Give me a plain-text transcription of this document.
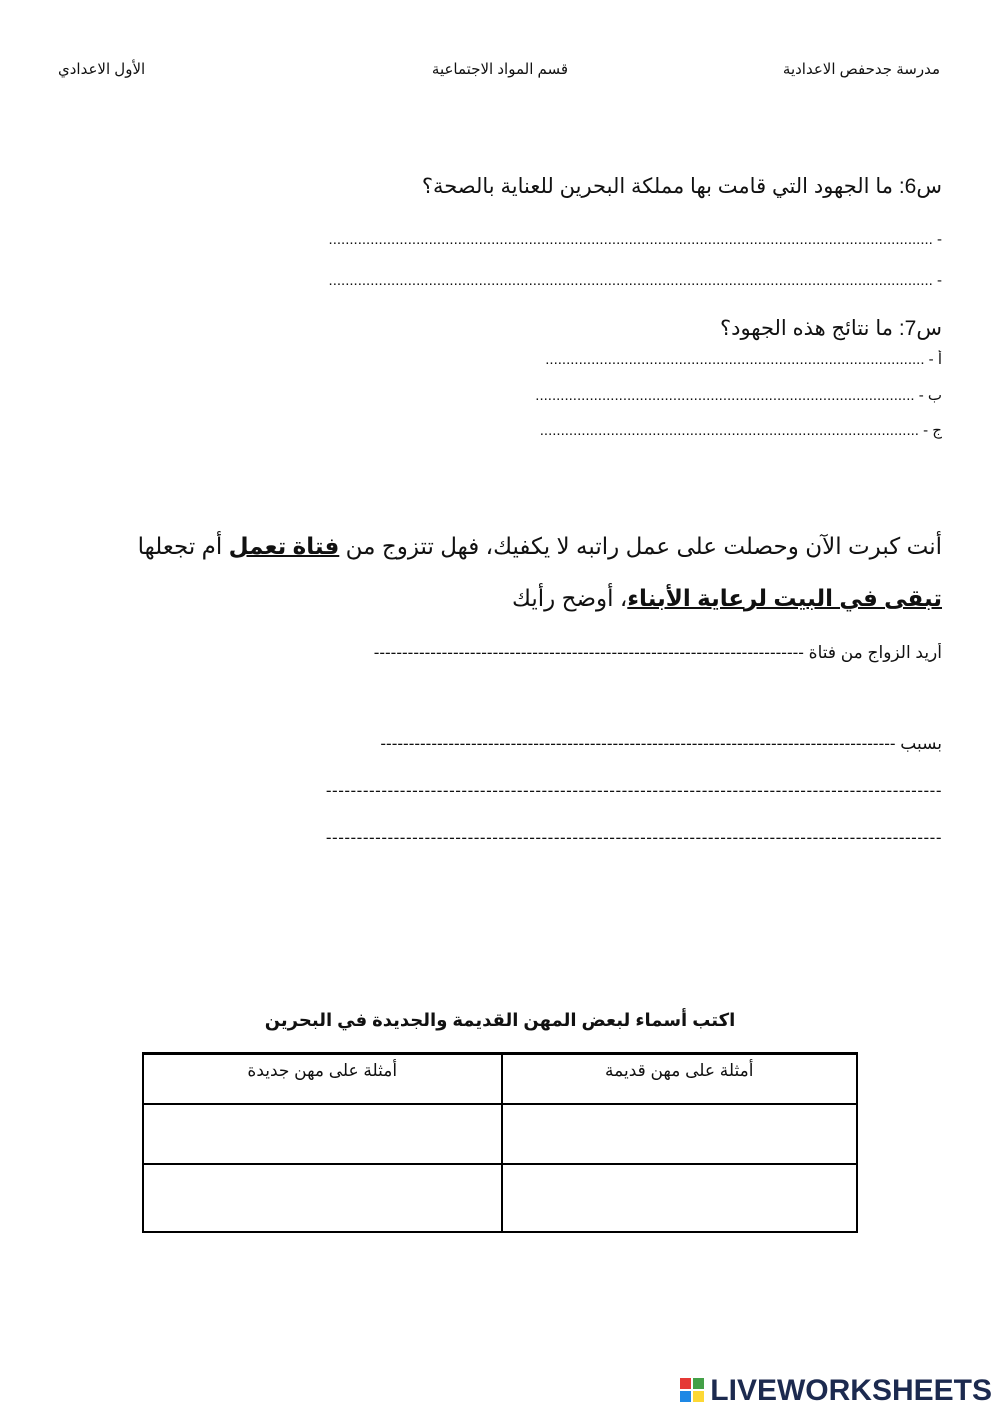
مدرسة جدحفص الاعدادية
قسم المواد الاجتماعية
الأول الاعدادي
س6: ما الجهود التي قامت بها مملكة البحرين للعناية بالصحة؟
- .................................................................................................................................................
- .................................................................................................................................................
س7: ما نتائج هذه الجهود؟
أ - ...........................................................................................
ب - ...........................................................................................
ج - ...........................................................................................
أنت كبرت الآن وحصلت على عمل راتبه لا يكفيك، فهل تتزوج من فتاة تعمل أم تجعلها
تبقى في البيت لرعاية الأبناء، أوضح رأيك
أريد الزواج من فتاة ----------------------------------------------------------------------------
بسبب -------------------------------------------------------------------------------------------
----------------------------------------------------------------------------------------------------
----------------------------------------------------------------------------------------------------
اكتب أسماء لبعض المهن القديمة والجديدة في البحرين
أمثلة على مهن قديمة	أمثلة على مهن جديدة

LIVEWORKSHEETS
